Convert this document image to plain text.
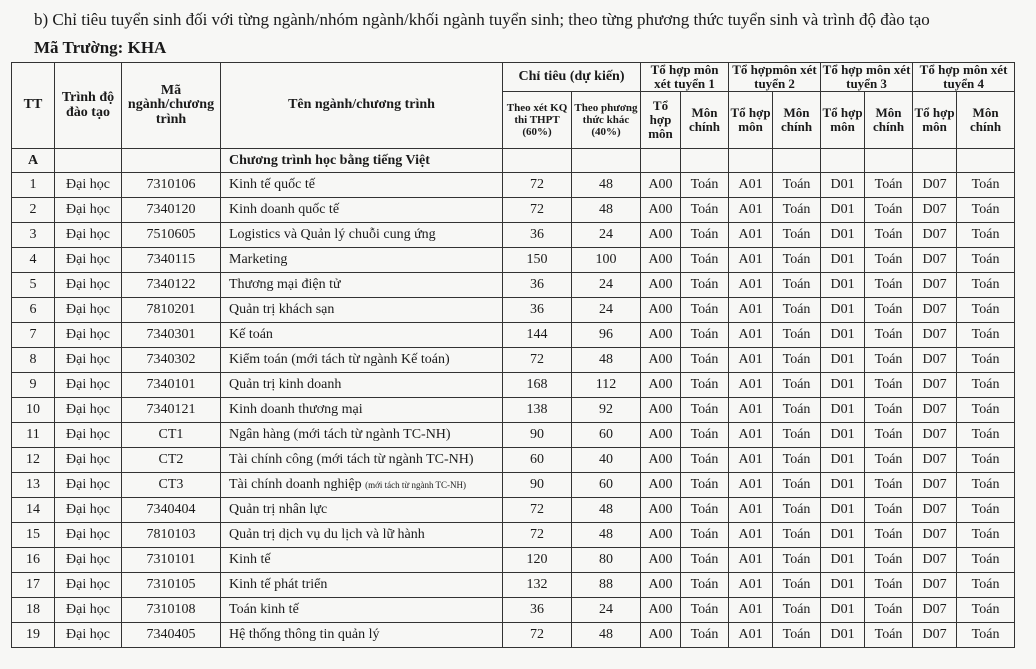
b) Chỉ tiêu tuyển sinh đối với từng ngành/nhóm ngành/khối ngành tuyển sinh; theo từng phương thức tuyển sinh và trình độ đào tạo
Mã Trường: KHA
TT	Trình độ đào tạo	Mã ngành/chương trình	Tên ngành/chương trình	Chỉ tiêu (dự kiến)		Tổ hợp môn xét tuyển 1		Tổ hợpmôn xét tuyển 2		Tổ hợp môn xét tuyển 3		Tổ hợp môn xét tuyển 4	
				Theo xét KQ thi THPT (60%)	Theo phương thức khác (40%)	Tổ hợp môn	Môn chính	Tổ hợp môn	Môn chính	Tổ hợp môn	Môn chính	Tổ hợp môn	Môn chính
A			Chương trình học bằng tiếng Việt										
1	Đại học	7310106	Kinh tế quốc tế	72	48	A00	Toán	A01	Toán	D01	Toán	D07	Toán
2	Đại học	7340120	Kinh doanh quốc tế	72	48	A00	Toán	A01	Toán	D01	Toán	D07	Toán
3	Đại học	7510605	Logistics và Quản lý chuỗi cung ứng	36	24	A00	Toán	A01	Toán	D01	Toán	D07	Toán
4	Đại học	7340115	Marketing	150	100	A00	Toán	A01	Toán	D01	Toán	D07	Toán
5	Đại học	7340122	Thương mại điện tử	36	24	A00	Toán	A01	Toán	D01	Toán	D07	Toán
6	Đại học	7810201	Quản trị khách sạn	36	24	A00	Toán	A01	Toán	D01	Toán	D07	Toán
7	Đại học	7340301	Kế toán	144	96	A00	Toán	A01	Toán	D01	Toán	D07	Toán
8	Đại học	7340302	Kiểm toán (mới tách từ ngành Kế toán)	72	48	A00	Toán	A01	Toán	D01	Toán	D07	Toán
9	Đại học	7340101	Quản trị kinh doanh	168	112	A00	Toán	A01	Toán	D01	Toán	D07	Toán
10	Đại học	7340121	Kinh doanh thương mại	138	92	A00	Toán	A01	Toán	D01	Toán	D07	Toán
11	Đại học	CT1	Ngân hàng (mới tách từ ngành TC-NH)	90	60	A00	Toán	A01	Toán	D01	Toán	D07	Toán
12	Đại học	CT2	Tài chính công (mới tách từ ngành TC-NH)	60	40	A00	Toán	A01	Toán	D01	Toán	D07	Toán
13	Đại học	CT3	Tài chính doanh nghiệp (mới tách từ ngành TC-NH)	90	60	A00	Toán	A01	Toán	D01	Toán	D07	Toán
14	Đại học	7340404	Quản trị nhân lực	72	48	A00	Toán	A01	Toán	D01	Toán	D07	Toán
15	Đại học	7810103	Quản trị dịch vụ du lịch và lữ hành	72	48	A00	Toán	A01	Toán	D01	Toán	D07	Toán
16	Đại học	7310101	Kinh tế	120	80	A00	Toán	A01	Toán	D01	Toán	D07	Toán
17	Đại học	7310105	Kinh tế phát triển	132	88	A00	Toán	A01	Toán	D01	Toán	D07	Toán
18	Đại học	7310108	Toán kinh tế	36	24	A00	Toán	A01	Toán	D01	Toán	D07	Toán
19	Đại học	7340405	Hệ thống thông tin quản lý	72	48	A00	Toán	A01	Toán	D01	Toán	D07	Toán
